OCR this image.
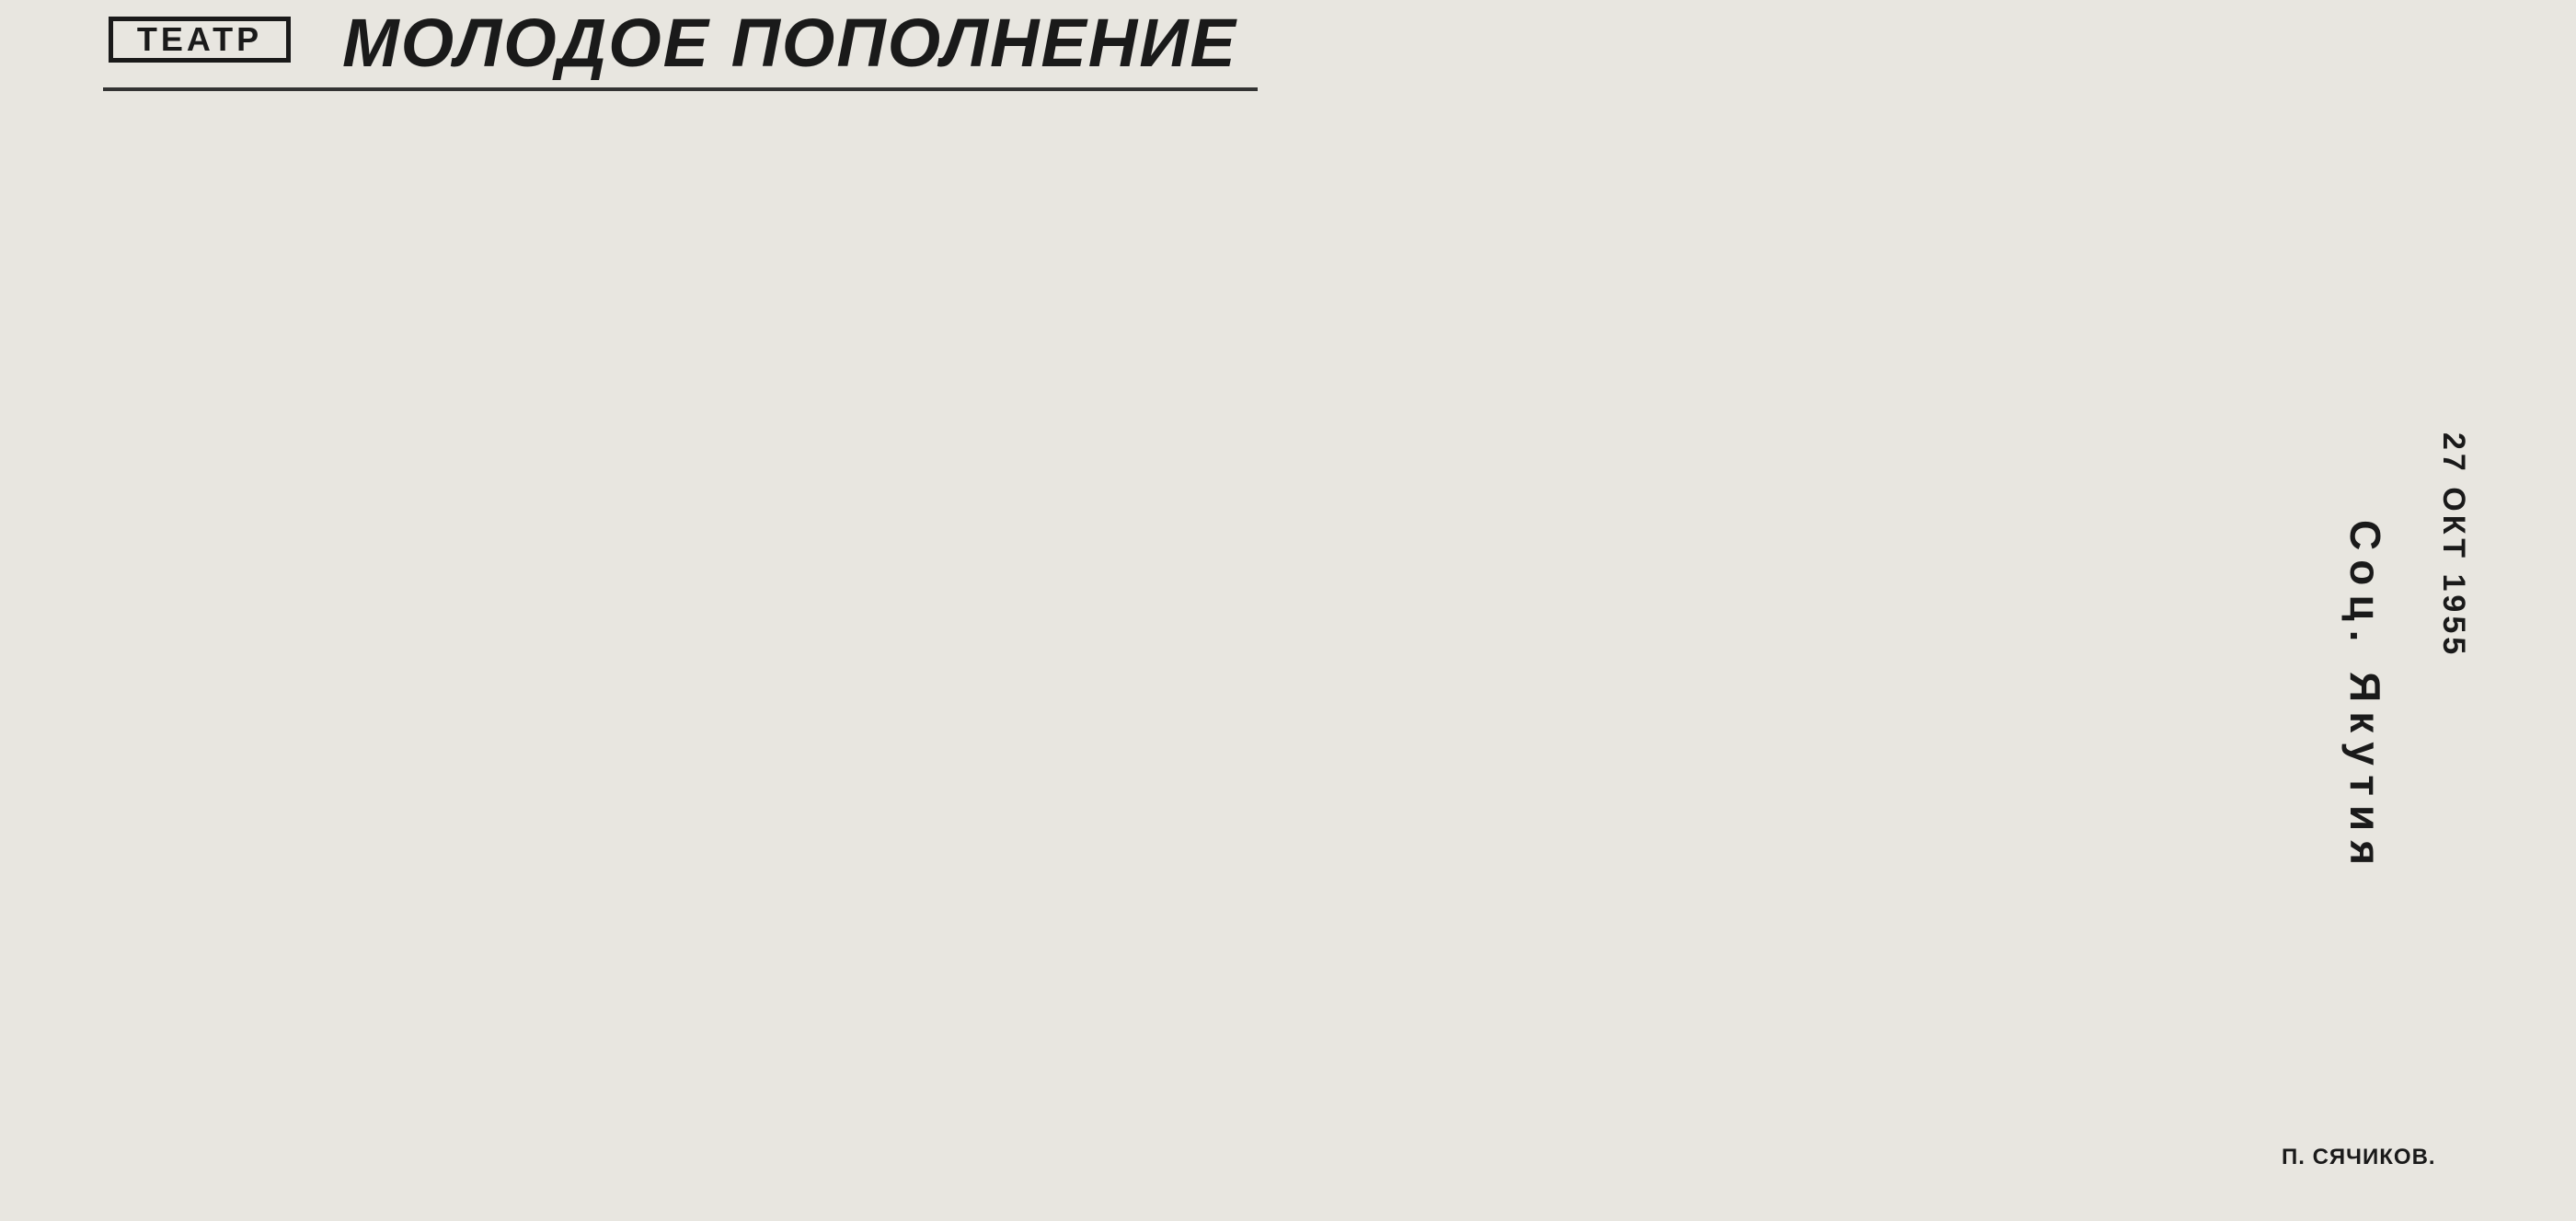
ТЕАТР	МОЛОДОЕ ПОПОЛНЕНИЕ
П. СЯЧИКОВ.
Соц. Якутия 27 ОКТ 1955
